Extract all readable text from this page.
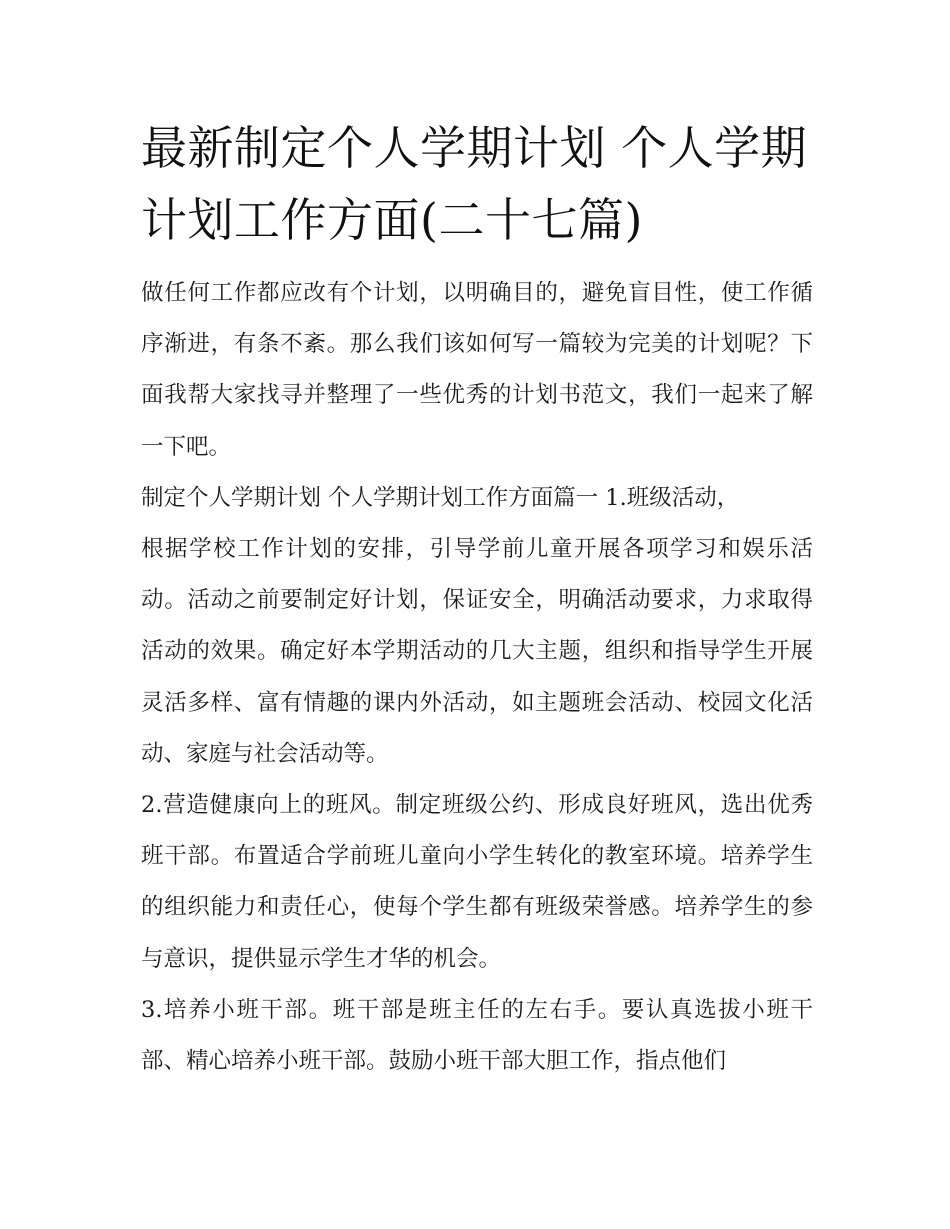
最新制定个人学期计划 个人学期计划工作方面(二十七篇)

做任何工作都应改有个计划，以明确目的，避免盲目性，使工作循序渐进，有条不紊。那么我们该如何写一篇较为完美的计划呢？下面我帮大家找寻并整理了一些优秀的计划书范文，我们一起来了解一下吧。

制定个人学期计划 个人学期计划工作方面篇一 1.班级活动，

根据学校工作计划的安排，引导学前儿童开展各项学习和娱乐活动。活动之前要制定好计划，保证安全，明确活动要求，力求取得活动的效果。确定好本学期活动的几大主题，组织和指导学生开展灵活多样、富有情趣的课内外活动，如主题班会活动、校园文化活动、家庭与社会活动等。

2.营造健康向上的班风。制定班级公约、形成良好班风，选出优秀班干部。布置适合学前班儿童向小学生转化的教室环境。培养学生的组织能力和责任心，使每个学生都有班级荣誉感。培养学生的参与意识，提供显示学生才华的机会。

3.培养小班干部。班干部是班主任的左右手。要认真选拔小班干部、精心培养小班干部。鼓励小班干部大胆工作，指点他们
